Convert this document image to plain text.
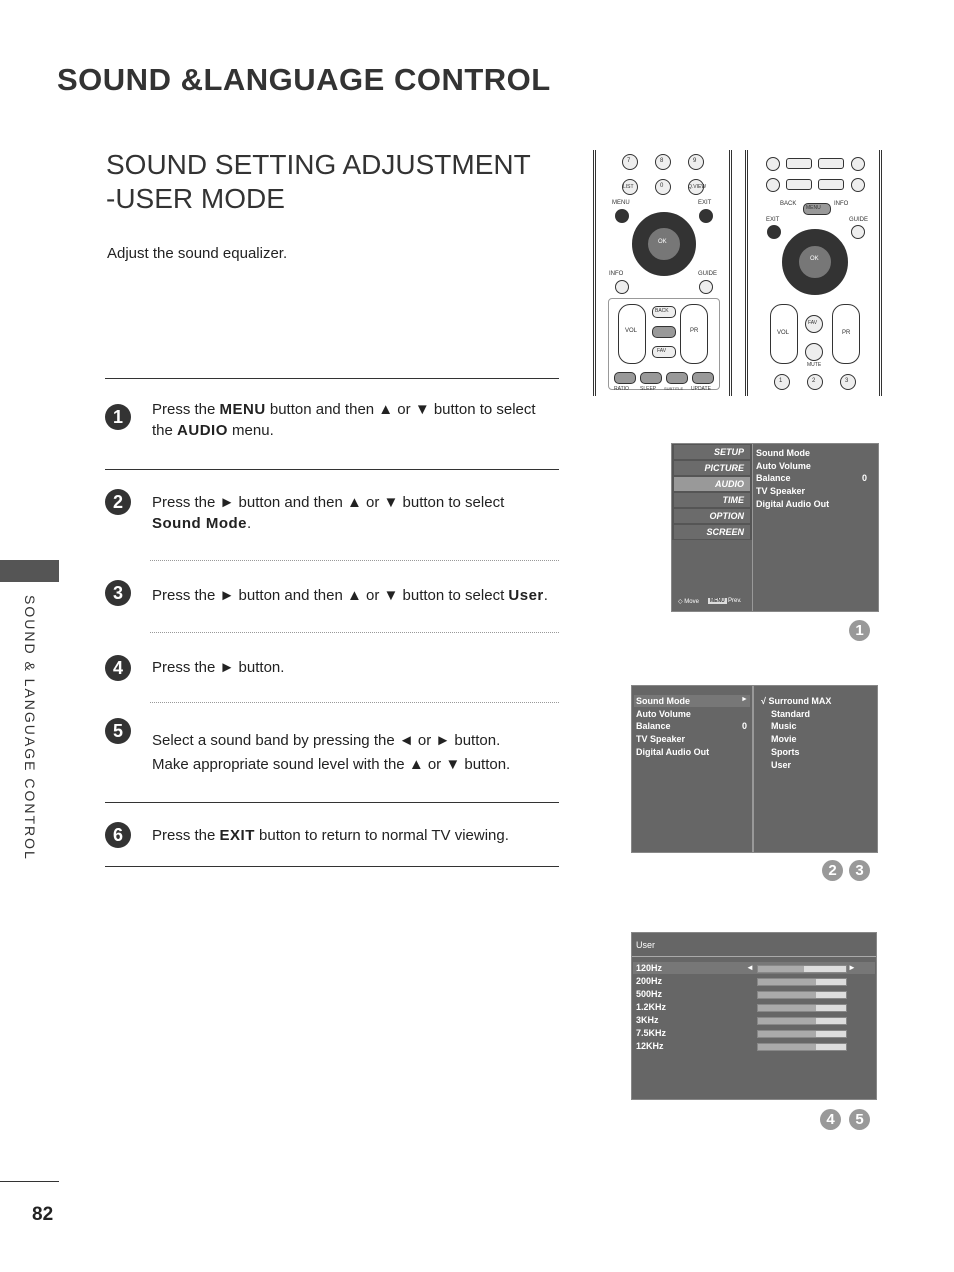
SOUND &LANGUAGE CONTROL
SOUND SETTING ADJUSTMENT
-USER MODE
Adjust the sound equalizer.
SOUND & LANGUAGE CONTROL
82
1	Press the MENU button and then ▲ or ▼ button to select the AUDIO menu.
2	Press the ► button and then ▲ or ▼ button to select Sound Mode.
3	Press the ► button and then ▲ or ▼ button to select User.
4	Press the ► button.
5	Select a sound band by pressing the ◄ or ► button.
Make appropriate sound level with the ▲ or ▼ button.
6	Press the EXIT button to return to normal TV viewing.
7	8	9
LIST	0	Q.VIEW
MENU	EXIT
OK
INFO	GUIDE
VOL	PR
BACK
FAV
RATIO SLEEP SUBTITLE UPDATE
BACK
MENU
INFO
EXIT	GUIDE
OK
VOL	PR
FAV
MUTE
1	2	3
SETUP
PICTURE
AUDIO
TIME
OPTION
SCREEN
Sound Mode
Auto Volume
Balance	0
TV Speaker
Digital Audio Out
◇ Move	MENU Prev.
1
Sound Mode	►
Auto Volume
Balance	0
TV Speaker
Digital Audio Out
√ Surround MAX
Standard
Music
Movie
Sports
User
2	3
User
120Hz	◄	►
200Hz
500Hz
1.2KHz
3KHz
7.5KHz
12KHz
4	5
